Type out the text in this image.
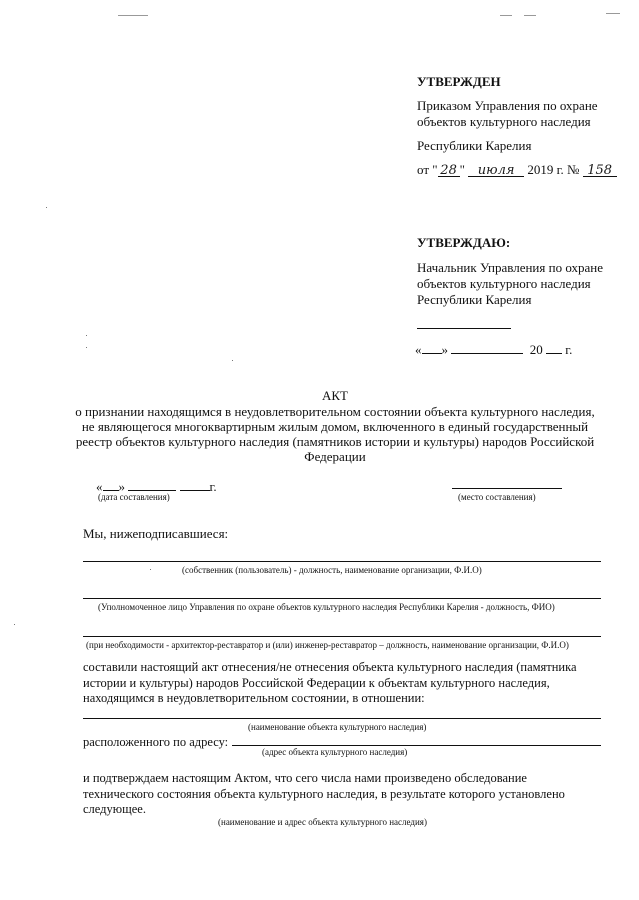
УТВЕРЖДЕН
Приказом Управления по охране
объектов культурного наследия
Республики Карелия
от " 28 " июля 2019 г. № 158
УТВЕРЖДАЮ:
Начальник Управления по охране
объектов культурного наследия
Республики Карелия
« »	20 г.
АКТ
о признании находящимся в неудовлетворительном состоянии объекта культурного наследия,
не являющегося многоквартирным жилым домом, включенного в единый государственный
реестр объектов культурного наследия (памятников истории и культуры) народов Российской
Федерации
« »	г.
(дата составления)	(место составления)
Мы, нижеподписавшиеся:
(собственник (пользователь) - должность, наименование организации, Ф.И.О)
(Уполномоченное лицо Управления по охране объектов культурного наследия Республики Карелия - должность, ФИО)
(при необходимости - архитектор-реставратор и (или) инженер-реставратор – должность, наименование организации, Ф.И.О)
составили настоящий акт отнесения/не отнесения объекта культурного наследия (памятника
истории и культуры) народов Российской Федерации к объектам культурного наследия,
находящимся в неудовлетворительном состоянии, в отношении:
(наименование объекта культурного наследия)
расположенного по адресу:
(адрес объекта культурного наследия)
и подтверждаем настоящим Актом, что сего числа нами произведено обследование
технического состояния объекта культурного наследия, в результате которого установлено
следующее.
(наименование и адрес объекта культурного наследия)
